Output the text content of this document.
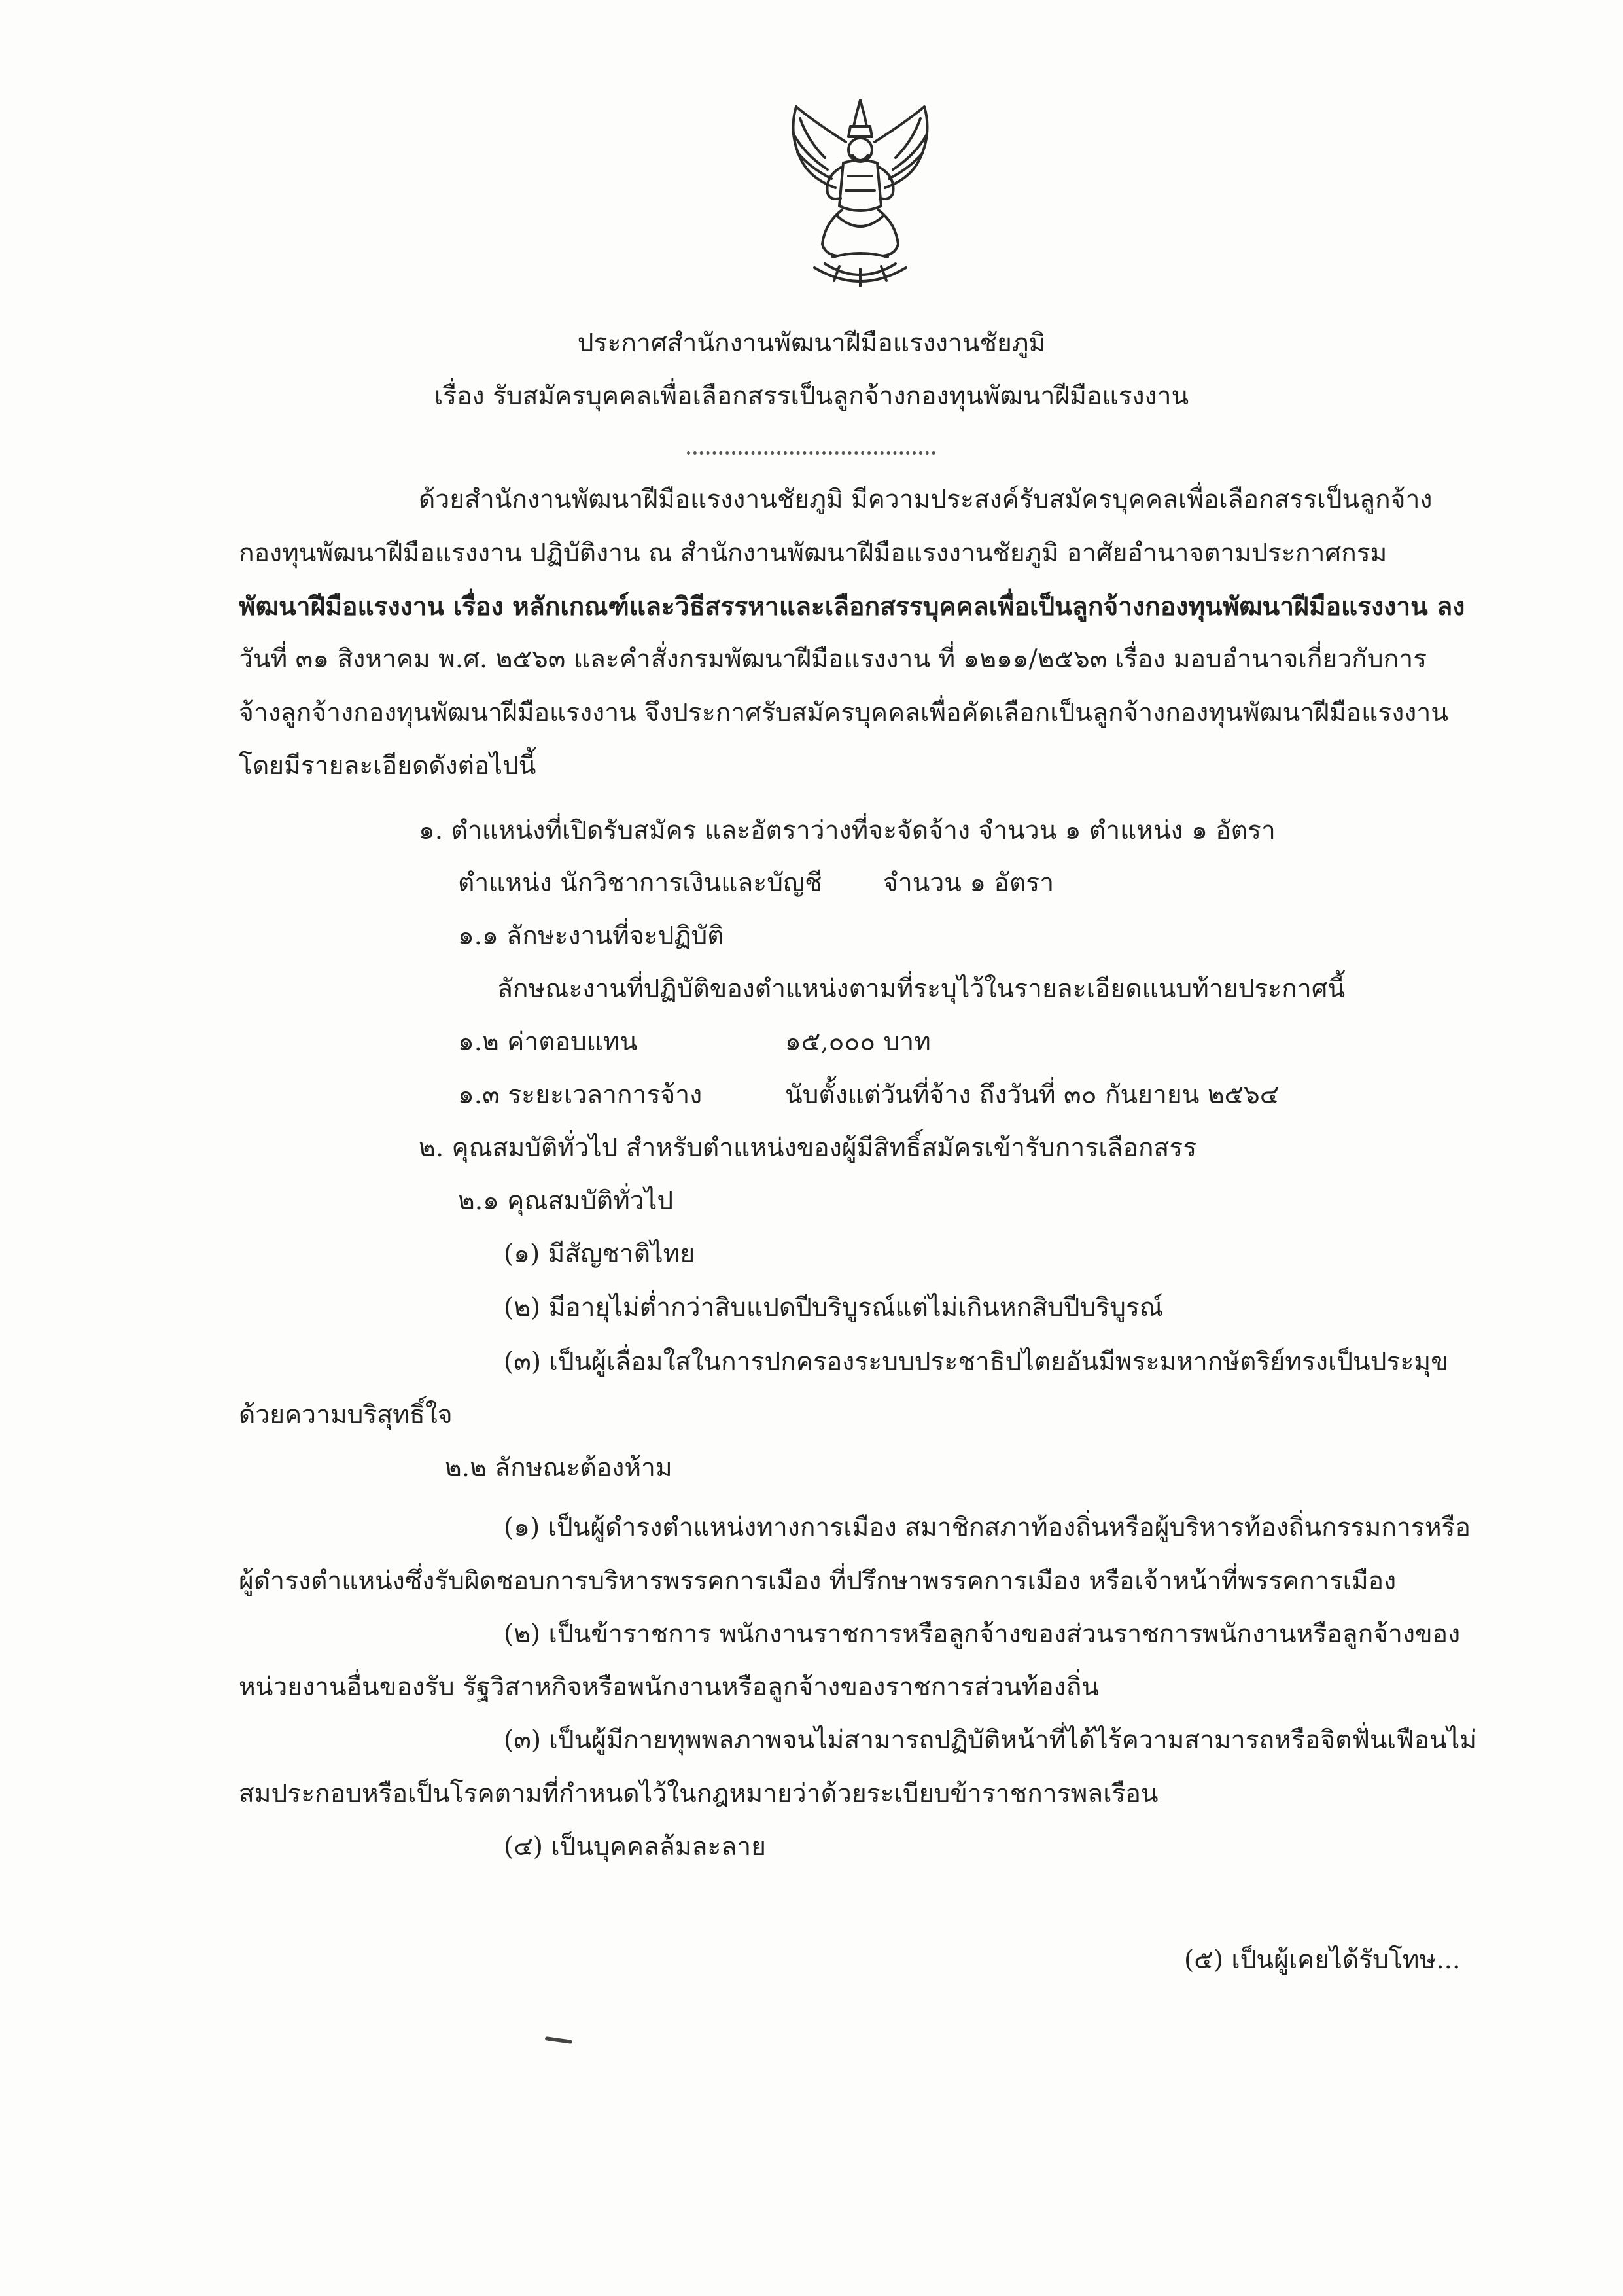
ประกาศสำนักงานพัฒนาฝีมือแรงงานชัยภูมิ
เรื่อง รับสมัครบุคคลเพื่อเลือกสรรเป็นลูกจ้างกองทุนพัฒนาฝีมือแรงงาน
ด้วยสำนักงานพัฒนาฝีมือแรงงานชัยภูมิ มีความประสงค์รับสมัครบุคคลเพื่อเลือกสรรเป็นลูกจ้าง
กองทุนพัฒนาฝีมือแรงงาน ปฏิบัติงาน ณ สำนักงานพัฒนาฝีมือแรงงานชัยภูมิ อาศัยอำนาจตามประกาศกรม
พัฒนาฝีมือแรงงาน เรื่อง หลักเกณฑ์และวิธีสรรหาและเลือกสรรบุคคลเพื่อเป็นลูกจ้างกองทุนพัฒนาฝีมือแรงงาน ลง
วันที่ ๓๑ สิงหาคม พ.ศ. ๒๕๖๓ และคำสั่งกรมพัฒนาฝีมือแรงงาน ที่ ๑๒๑๑/๒๕๖๓ เรื่อง มอบอำนาจเกี่ยวกับการ
จ้างลูกจ้างกองทุนพัฒนาฝีมือแรงงาน จึงประกาศรับสมัครบุคคลเพื่อคัดเลือกเป็นลูกจ้างกองทุนพัฒนาฝีมือแรงงาน
โดยมีรายละเอียดดังต่อไปนี้
๑. ตำแหน่งที่เปิดรับสมัคร และอัตราว่างที่จะจัดจ้าง จำนวน ๑ ตำแหน่ง ๑ อัตรา
ตำแหน่ง นักวิชาการเงินและบัญชี จำนวน ๑ อัตรา
๑.๑ ลักษะงานที่จะปฏิบัติ
ลักษณะงานที่ปฏิบัติของตำแหน่งตามที่ระบุไว้ในรายละเอียดแนบท้ายประกาศนี้
๑.๒ ค่าตอบแทน	๑๕,๐๐๐ บาท
๑.๓ ระยะเวลาการจ้าง	นับตั้งแต่วันที่จ้าง ถึงวันที่ ๓๐ กันยายน ๒๕๖๔
๒. คุณสมบัติทั่วไป สำหรับตำแหน่งของผู้มีสิทธิ์สมัครเข้ารับการเลือกสรร
๒.๑ คุณสมบัติทั่วไป
(๑) มีสัญชาติไทย
(๒) มีอายุไม่ต่ำกว่าสิบแปดปีบริบูรณ์แต่ไม่เกินหกสิบปีบริบูรณ์
(๓) เป็นผู้เลื่อมใสในการปกครองระบบประชาธิปไตยอันมีพระมหากษัตริย์ทรงเป็นประมุข
ด้วยความบริสุทธิ์ใจ
๒.๒ ลักษณะต้องห้าม
(๑) เป็นผู้ดำรงตำแหน่งทางการเมือง สมาชิกสภาท้องถิ่นหรือผู้บริหารท้องถิ่นกรรมการหรือ
ผู้ดำรงตำแหน่งซึ่งรับผิดชอบการบริหารพรรคการเมือง ที่ปรึกษาพรรคการเมือง หรือเจ้าหน้าที่พรรคการเมือง
(๒) เป็นข้าราชการ พนักงานราชการหรือลูกจ้างของส่วนราชการพนักงานหรือลูกจ้างของ
หน่วยงานอื่นของรับ รัฐวิสาหกิจหรือพนักงานหรือลูกจ้างของราชการส่วนท้องถิ่น
(๓) เป็นผู้มีกายทุพพลภาพจนไม่สามารถปฏิบัติหน้าที่ได้ไร้ความสามารถหรือจิตฟั่นเฟือนไม่
สมประกอบหรือเป็นโรคตามที่กำหนดไว้ในกฎหมายว่าด้วยระเบียบข้าราชการพลเรือน
(๔) เป็นบุคคลล้มละลาย
(๕) เป็นผู้เคยได้รับโทษ...
